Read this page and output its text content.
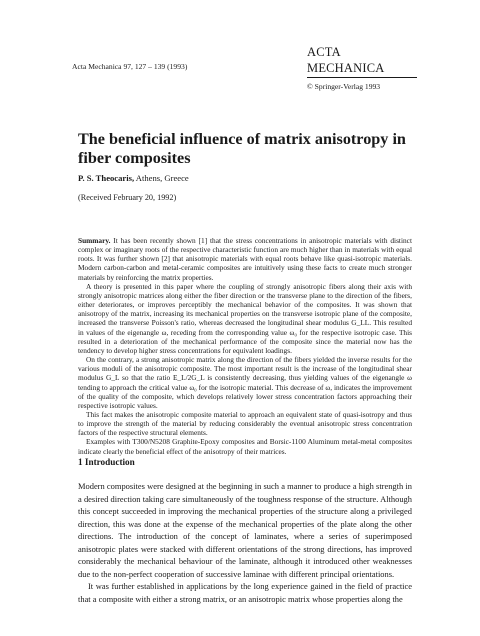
Acta Mechanica 97, 127 – 139 (1993)
ACTA MECHANICA
© Springer-Verlag 1993
The beneficial influence of matrix anisotropy in fiber composites
P. S. Theocaris, Athens, Greece
(Received February 20, 1992)

Summary. It has been recently shown [1] that the stress concentrations in anisotropic materials with distinct complex or imaginary roots of the respective characteristic function are much higher than in materials with equal roots. It was further shown [2] that anisotropic materials with equal roots behave like quasi-isotropic materials. Modern carbon-carbon and metal-ceramic composites are intuitively using these facts to create much stronger materials by reinforcing the matrix properties.

A theory is presented in this paper where the coupling of strongly anisotropic fibers along their axis with strongly anisotropic matrices along either the fiber direction or the transverse plane to the direction of the fibers, either deteriorates, or improves perceptibly the mechanical behavior of the composites. It was shown that anisotropy of the matrix, increasing its mechanical properties on the transverse isotropic plane of the composite, increased the transverse Poisson's ratio, whereas decreased the longitudinal shear modulus G_LL. This resulted in values of the eigenangle ω, receding from the corresponding value ω₀ for the respective isotropic case. This resulted in a deterioration of the mechanical performance of the composite since the material now has the tendency to develop higher stress concentrations for equivalent loadings.

On the contrary, a strong anisotropic matrix along the direction of the fibers yielded the inverse results for the various moduli of the anisotropic composite. The most important result is the increase of the longitudinal shear modulus G_L so that the ratio E_L/2G_L is consistently decreasing, thus yielding values of the eigenangle ω tending to approach the critical value ω₀ for the isotropic material. This decrease of ω, indicates the improvement of the quality of the composite, which develops relatively lower stress concentration factors approaching their respective isotropic values.

This fact makes the anisotropic composite material to approach an equivalent state of quasi-isotropy and thus to improve the strength of the material by reducing considerably the eventual anisotropic stress concentration factors of the respective structural elements.

Examples with T300/N5208 Graphite-Epoxy composites and Borsic-1100 Aluminum metal-metal composites indicate clearly the beneficial effect of the anisotropy of their matrices.

1 Introduction

Modern composites were designed at the beginning in such a manner to produce a high strength in a desired direction taking care simultaneously of the toughness response of the structure. Although this concept succeeded in improving the mechanical properties of the structure along a privileged direction, this was done at the expense of the mechanical properties of the plate along the other directions. The introduction of the concept of laminates, where a series of superimposed anisotropic plates were stacked with different orientations of the strong directions, has improved considerably the mechanical behaviour of the laminate, although it introduced other weaknesses due to the non-perfect cooperation of successive laminae with different principal orientations.

It was further established in applications by the long experience gained in the field of practice that a composite with either a strong matrix, or an anisotropic matrix whose properties along the
